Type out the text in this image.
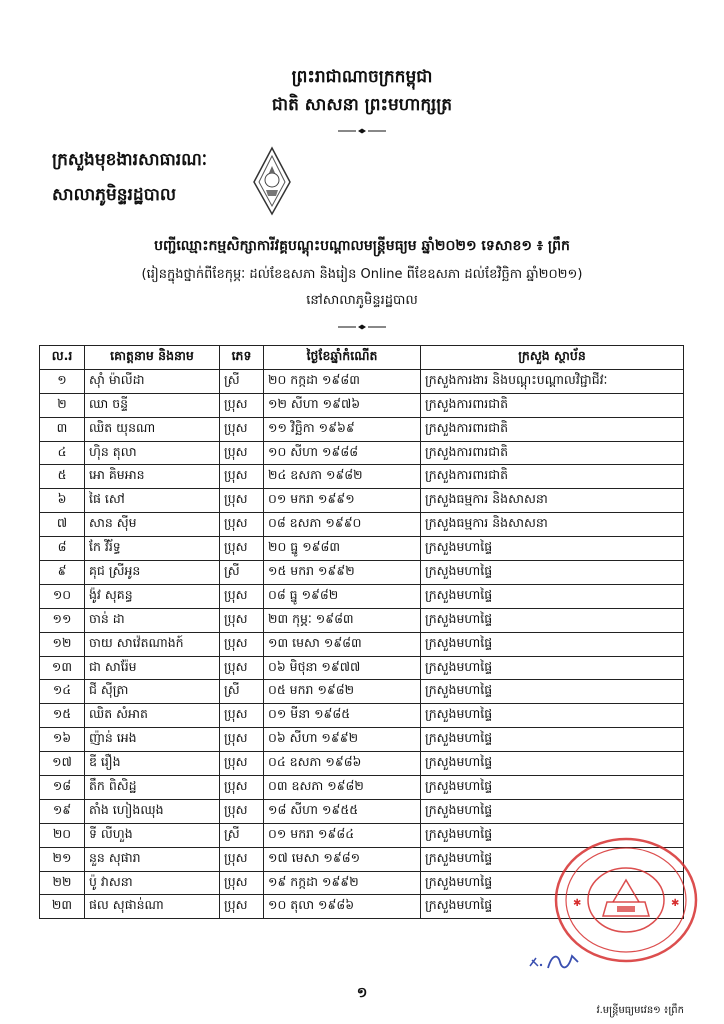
ព្រះរាជាណាចក្រកម្ពុជា
ជាតិ សាសនា ព្រះមហាក្សត្រ
ក្រសួងមុខងារសាធារណៈ
សាលាភូមិន្ទរដ្ឋបាល
បញ្ជីឈ្មោះកម្មសិក្សាការីវគ្គបណ្តុះបណ្តាលមន្ត្រីមធ្យម ឆ្នាំ២០២១ ទេសាខ១ ៖ ព្រឹក
(រៀនក្នុងថ្នាក់ពីខែកុម្ភៈ ដល់ខែឧសភា និងរៀន Online ពីខែឧសភា ដល់ខែវិច្ឆិកា ឆ្នាំ២០២១)
នៅសាលាភូមិន្ទរដ្ឋបាល
ល.រ	គោត្តនាម និងនាម	ភេទ	ថ្ងៃខែឆ្នាំកំណើត	ក្រសួង ស្ថាប័ន
១	ស៊ាំ ម៉ាលីដា	ស្រី	២០ កក្កដា ១៩៨៣	ក្រសួងការងារ និងបណ្តុះបណ្តាលវិជ្ជាជីវៈ
២	ឈា ចន្ទី	ប្រុស	១២ សីហា ១៩៧៦	ក្រសួងការពារជាតិ
៣	ឈិត យុនណា	ប្រុស	១១ វិច្ឆិកា ១៩៦៩	ក្រសួងការពារជាតិ
៤	ហ៊ិន តុលា	ប្រុស	១០ សីហា ១៩៨៨	ក្រសួងការពារជាតិ
៥	អោ គិមអាន	ប្រុស	២៤ ឧសភា ១៩៨២	ក្រសួងការពារជាតិ
៦	ផៃ សៅ	ប្រុស	០១ មករា ១៩៩១	ក្រសួងធម្មការ និងសាសនា
៧	សាន ស៊ីម	ប្រុស	០៨ ឧសភា ១៩៩០	ក្រសួងធម្មការ និងសាសនា
៨	កែ វីរ័ទ្ធ	ប្រុស	២០ ធ្នូ ១៩៨៣	ក្រសួងមហាផ្ទៃ
៩	គុជ ស្រីអូន	ស្រី	១៥ មករា ១៩៩២	ក្រសួងមហាផ្ទៃ
១០	ង៉ូវ សុគន្ធ	ប្រុស	០៨ ធ្នូ ១៩៨២	ក្រសួងមហាផ្ទៃ
១១	ចាន់ ដា	ប្រុស	២៣ កុម្ភៈ ១៩៨៣	ក្រសួងមហាផ្ទៃ
១២	ចាយ សាវ៉េតណាងក៍	ប្រុស	១៣ មេសា ១៩៨៣	ក្រសួងមហាផ្ទៃ
១៣	ជា សារ៉ែម	ប្រុស	០៦ មិថុនា ១៩៧៧	ក្រសួងមហាផ្ទៃ
១៤	ជី ស៊ីត្រា	ស្រី	០៥ មករា ១៩៨២	ក្រសួងមហាផ្ទៃ
១៥	ឈិត សំអាត	ប្រុស	០១ មីនា ១៩៨៥	ក្រសួងមហាផ្ទៃ
១៦	ញ៉ាន់ អេង	ប្រុស	០៦ សីហា ១៩៩២	ក្រសួងមហាផ្ទៃ
១៧	ឌី រឿង	ប្រុស	០៤ ឧសភា ១៩៨៦	ក្រសួងមហាផ្ទៃ
១៨	តឹក ពិសិដ្ឋ	ប្រុស	០៣ ឧសភា ១៩៨២	ក្រសួងមហាផ្ទៃ
១៩	តាំង ហៀងឈុង	ប្រុស	១៨ សីហា ១៩៥៥	ក្រសួងមហាផ្ទៃ
២០	ទី លីហួង	ស្រី	០១ មករា ១៩៨៤	ក្រសួងមហាផ្ទៃ
២១	នួន សុផារា	ប្រុស	១៧ មេសា ១៩៨១	ក្រសួងមហាផ្ទៃ
២២	ប៉ូ វាសនា	ប្រុស	១៩ កក្កដា ១៩៩២	ក្រសួងមហាផ្ទៃ
២៣	ផល សុផាន់ណា	ប្រុស	១០ តុលា ១៩៨៦	ក្រសួងមហាផ្ទៃ	✱	✱
១
វ.មន្ត្រីមធ្យមវេន១ ៖ព្រឹក
